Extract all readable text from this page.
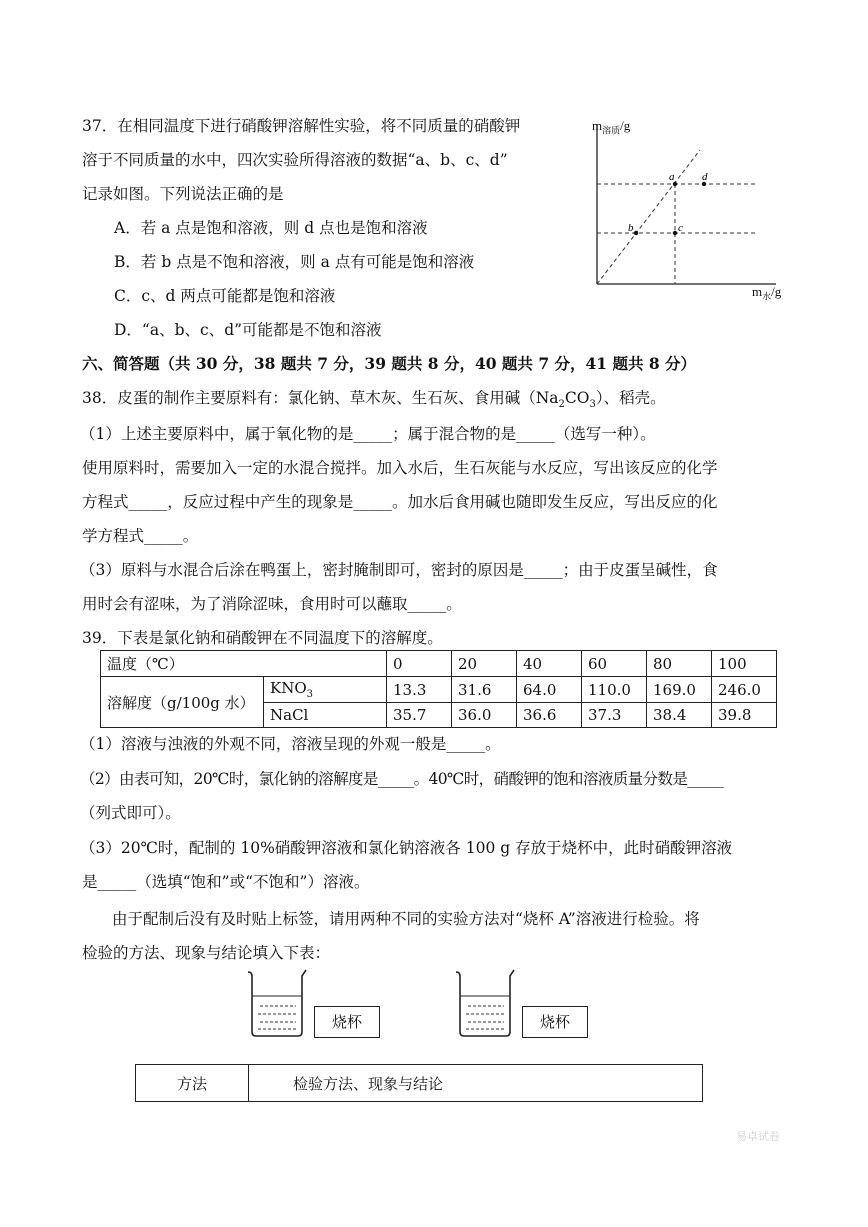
37．在相同温度下进行硝酸钾溶解性实验，将不同质量的硝酸钾
溶于不同质量的水中，四次实验所得溶液的数据“a、b、c、d”
记录如图。下列说法正确的是
A．若 a 点是饱和溶液，则 d 点也是饱和溶液
B．若 b 点是不饱和溶液，则 a 点有可能是饱和溶液
C．c、d 两点可能都是饱和溶液
D．“a、b、c、d”可能都是不饱和溶液
a	d
b	c
$m_{溶质}/g$
$m_水/g$
六、简答题（共 30 分，38 题共 7 分，39 题共 8 分，40 题共 7 分，41 题共 8 分）
38．皮蛋的制作主要原料有：氯化钠、草木灰、生石灰、食用碱$(Na_2CO_3)$、稻壳。
（1）上述主要原料中，属于氧化物的是_____；属于混合物的是_____（选写一种）。
使用原料时，需要加入一定的水混合搅拌。加入水后，生石灰能与水反应，写出该反应的化学
方程式_____，反应过程中产生的现象是_____。加水后食用碱也随即发生反应，写出反应的化
学方程式_____。
（3）原料与水混合后涂在鸭蛋上，密封腌制即可，密封的原因是_____；由于皮蛋呈碱性，食
用时会有涩味，为了消除涩味，食用时可以蘸取_____。
39．下表是氯化钠和硝酸钾在不同温度下的溶解度。
温度（℃）		0	20	40	60	80	100
溶解度（g/100g 水）	$KNO_3$	13.3	31.6	64.0	110.0	169.0	246.0
	NaCl	35.7	36.0	36.6	37.3	38.4	39.8
（1）溶液与浊液的外观不同，溶液呈现的外观一般是_____。
（2）由表可知，20℃时，氯化钠的溶解度是_____。40℃时，硝酸钾的饱和溶液质量分数是_____
（列式即可）。
（3）20℃时，配制的 10%硝酸钾溶液和氯化钠溶液各 100 g 存放于烧杯中，此时硝酸钾溶液
是_____（选填“饱和”或“不饱和”）溶液。
由于配制后没有及时贴上标签，请用两种不同的实验方法对“烧杯 A”溶液进行检验。将
检验的方法、现象与结论填入下表：
烧杯	烧杯
方法	检验方法、现象与结论
易卓试卷
